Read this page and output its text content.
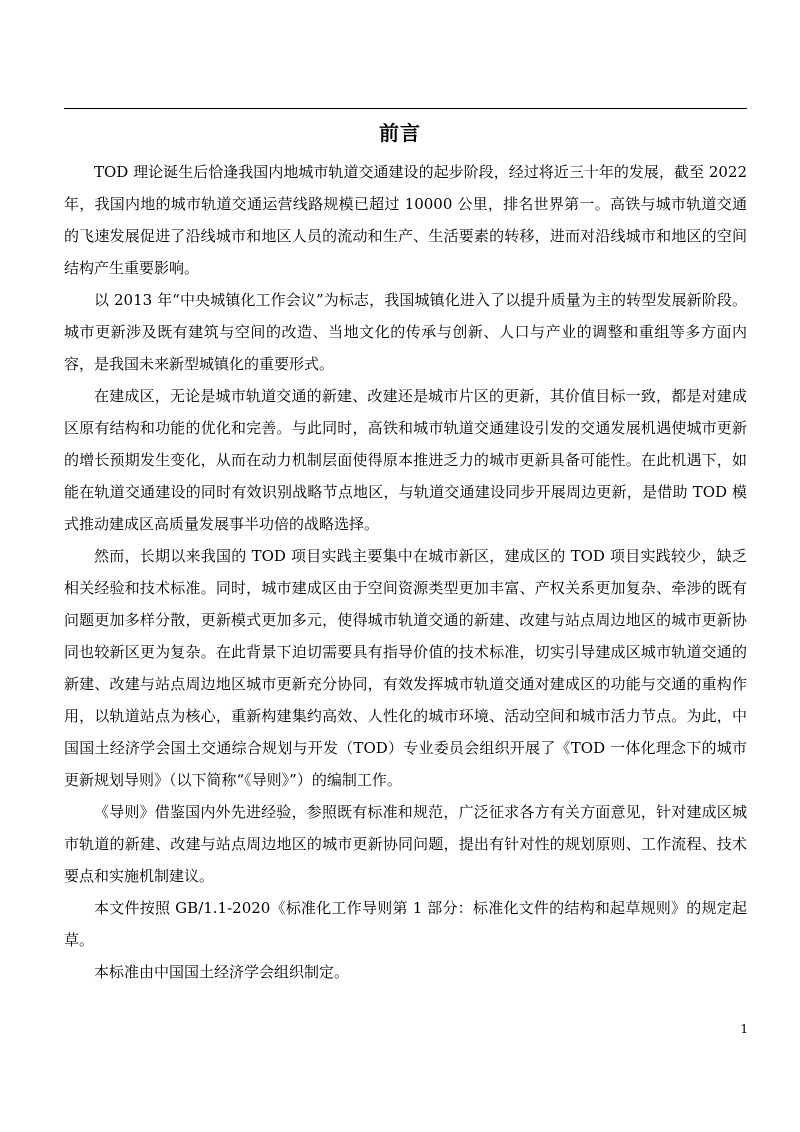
前言

TOD 理论诞生后恰逢我国内地城市轨道交通建设的起步阶段，经过将近三十年的发展，截至 2022 年，我国内地的城市轨道交通运营线路规模已超过 10000 公里，排名世界第一。高铁与城市轨道交通的飞速发展促进了沿线城市和地区人员的流动和生产、生活要素的转移，进而对沿线城市和地区的空间结构产生重要影响。

以 2013 年“中央城镇化工作会议”为标志，我国城镇化进入了以提升质量为主的转型发展新阶段。城市更新涉及既有建筑与空间的改造、当地文化的传承与创新、人口与产业的调整和重组等多方面内容，是我国未来新型城镇化的重要形式。

在建成区，无论是城市轨道交通的新建、改建还是城市片区的更新，其价值目标一致，都是对建成区原有结构和功能的优化和完善。与此同时，高铁和城市轨道交通建设引发的交通发展机遇使城市更新的增长预期发生变化，从而在动力机制层面使得原本推进乏力的城市更新具备可能性。在此机遇下，如能在轨道交通建设的同时有效识别战略节点地区，与轨道交通建设同步开展周边更新，是借助 TOD 模式推动建成区高质量发展事半功倍的战略选择。

然而，长期以来我国的 TOD 项目实践主要集中在城市新区，建成区的 TOD 项目实践较少，缺乏相关经验和技术标准。同时，城市建成区由于空间资源类型更加丰富、产权关系更加复杂、牵涉的既有问题更加多样分散，更新模式更加多元，使得城市轨道交通的新建、改建与站点周边地区的城市更新协同也较新区更为复杂。在此背景下迫切需要具有指导价值的技术标准，切实引导建成区城市轨道交通的新建、改建与站点周边地区城市更新充分协同，有效发挥城市轨道交通对建成区的功能与交通的重构作用，以轨道站点为核心，重新构建集约高效、人性化的城市环境、活动空间和城市活力节点。为此，中国国土经济学会国土交通综合规划与开发（TOD）专业委员会组织开展了《TOD 一体化理念下的城市更新规划导则》（以下简称“《导则》”）的编制工作。

《导则》借鉴国内外先进经验，参照既有标准和规范，广泛征求各方有关方面意见，针对建成区城市轨道的新建、改建与站点周边地区的城市更新协同问题，提出有针对性的规划原则、工作流程、技术要点和实施机制建议。

本文件按照 GB/1.1-2020《标准化工作导则第 1 部分：标准化文件的结构和起草规则》的规定起草。

本标准由中国国土经济学会组织制定。

1
